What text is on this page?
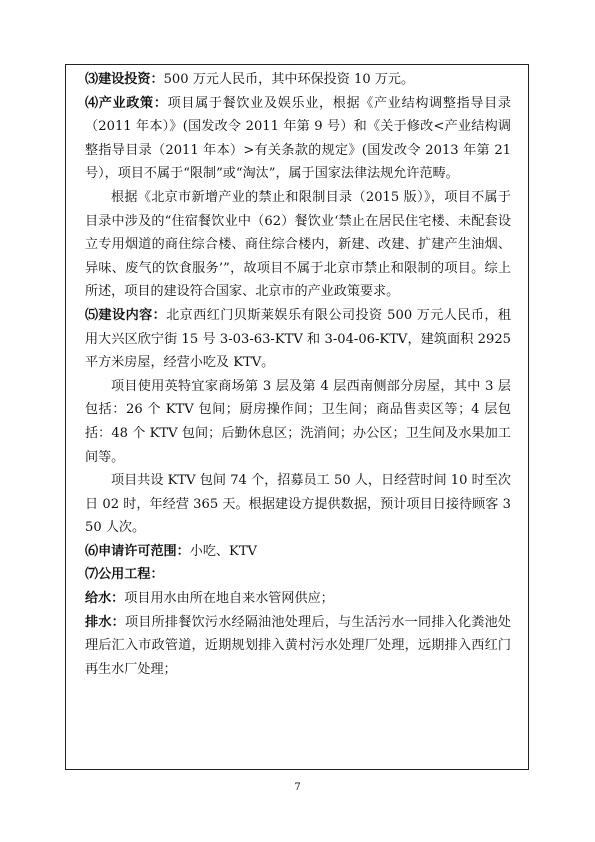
⑶建设投资：500 万元人民币，其中环保投资 10 万元。

⑷产业政策：项目属于餐饮业及娱乐业，根据《产业结构调整指导目录（2011 年本）》(国发改令 2011 年第 9 号）和《关于修改<产业结构调整指导目录（2011 年本）>有关条款的规定》(国发改令 2013 年第 21 号），项目不属于“限制”或“淘汰”，属于国家法律法规允许范畴。

根据《北京市新增产业的禁止和限制目录（2015 版）》，项目不属于目录中涉及的“住宿餐饮业中（62）餐饮业‘禁止在居民住宅楼、未配套设立专用烟道的商住综合楼、商住综合楼内，新建、改建、扩建产生油烟、异味、废气的饮食服务’”，故项目不属于北京市禁止和限制的项目。综上所述，项目的建设符合国家、北京市的产业政策要求。

⑸建设内容：北京西红门贝斯莱娱乐有限公司投资 500 万元人民币，租用大兴区欣宁街 15 号 3-03-63-KTV 和 3-04-06-KTV，建筑面积 2925 平方米房屋，经营小吃及 KTV。

项目使用英特宜家商场第 3 层及第 4 层西南侧部分房屋，其中 3 层包括：26 个 KTV 包间；厨房操作间；卫生间；商品售卖区等；4 层包括：48 个 KTV 包间；后勤休息区；洗消间；办公区；卫生间及水果加工间等。

项目共设 KTV 包间 74 个，招募员工 50 人，日经营时间 10 时至次日 02 时，年经营 365 天。根据建设方提供数据，预计项目日接待顾客 350 人次。

⑹申请许可范围：小吃、KTV

⑺公用工程：

给水：项目用水由所在地自来水管网供应；

排水：项目所排餐饮污水经隔油池处理后，与生活污水一同排入化粪池处理后汇入市政管道，近期规划排入黄村污水处理厂处理，远期排入西红门再生水厂处理；

7
